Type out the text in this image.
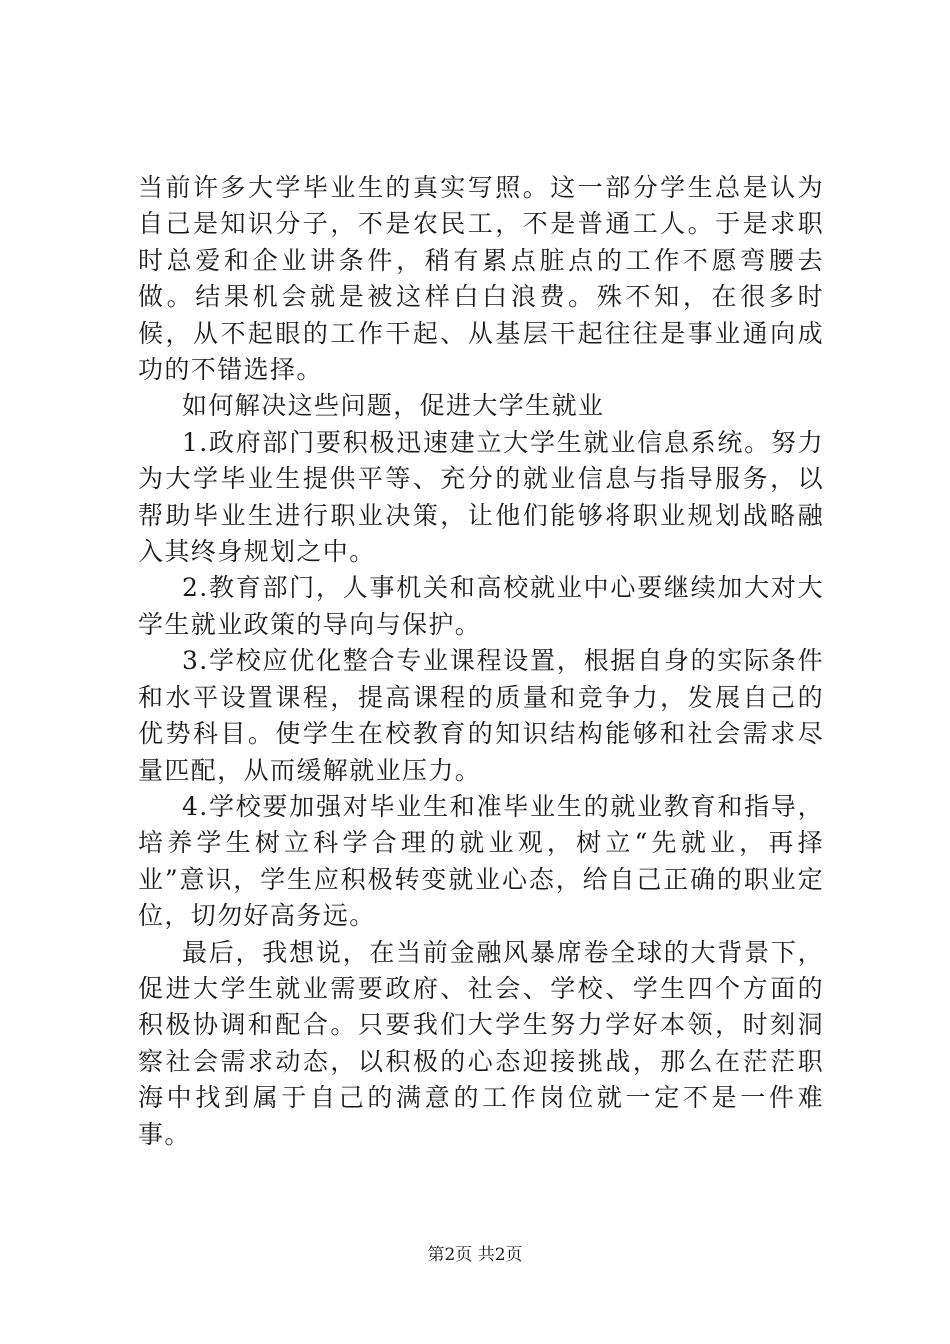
当前许多大学毕业生的真实写照。这一部分学生总是认为自己是知识分子，不是农民工，不是普通工人。于是求职时总爱和企业讲条件，稍有累点脏点的工作不愿弯腰去做。结果机会就是被这样白白浪费。殊不知，在很多时候，从不起眼的工作干起、从基层干起往往是事业通向成功的不错选择。

如何解决这些问题，促进大学生就业

1.政府部门要积极迅速建立大学生就业信息系统。努力为大学毕业生提供平等、充分的就业信息与指导服务，以帮助毕业生进行职业决策，让他们能够将职业规划战略融入其终身规划之中。

2.教育部门，人事机关和高校就业中心要继续加大对大学生就业政策的导向与保护。

3.学校应优化整合专业课程设置，根据自身的实际条件和水平设置课程，提高课程的质量和竞争力，发展自己的优势科目。使学生在校教育的知识结构能够和社会需求尽量匹配，从而缓解就业压力。

4.学校要加强对毕业生和准毕业生的就业教育和指导，培养学生树立科学合理的就业观，树立“先就业，再择业”意识，学生应积极转变就业心态，给自己正确的职业定位，切勿好高务远。

最后，我想说，在当前金融风暴席卷全球的大背景下，促进大学生就业需要政府、社会、学校、学生四个方面的积极协调和配合。只要我们大学生努力学好本领，时刻洞察社会需求动态，以积极的心态迎接挑战，那么在茫茫职海中找到属于自己的满意的工作岗位就一定不是一件难事。

第2页 共2页
